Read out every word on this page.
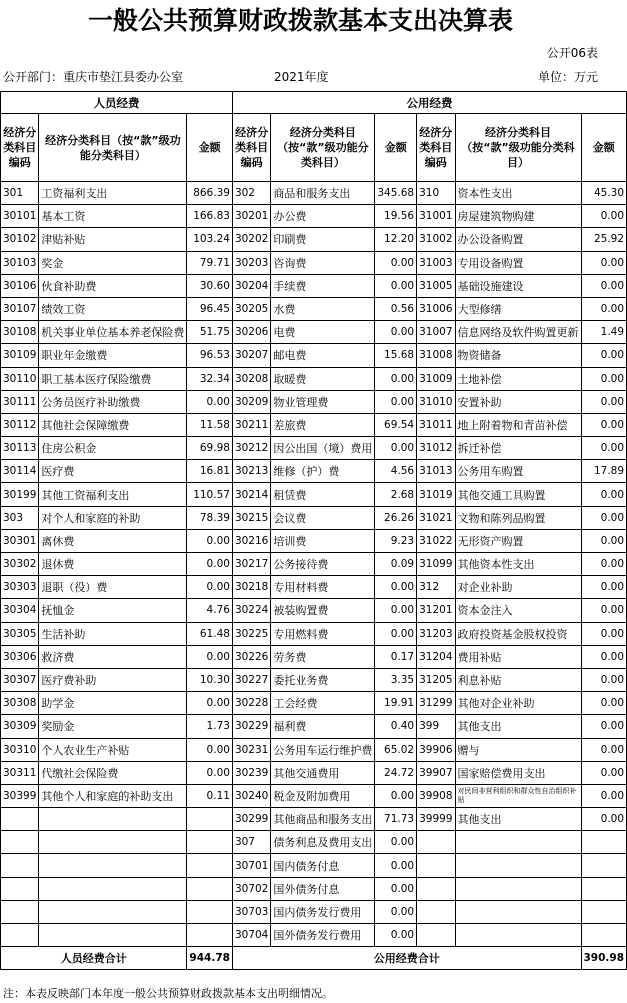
一般公共预算财政拨款基本支出决算表
公开06表
公开部门：重庆市垫江县委办公室	2021年度	单位：万元
人员经费			公用经费					
经济分类科目编码	经济分类科目（按“款”级功能分类科目）	金额	经济分类科目编码	经济分类科目（按“款”级功能分类科目）	金额	经济分类科目编码	经济分类科目（按“款”级功能分类科目）	金额
301	工资福利支出	866.39	302	商品和服务支出	345.68	310	资本性支出	45.30
30101	基本工资	166.83	30201	办公费	19.56	31001	房屋建筑物购建	0.00
30102	津贴补贴	103.24	30202	印刷费	12.20	31002	办公设备购置	25.92
30103	奖金	79.71	30203	咨询费	0.00	31003	专用设备购置	0.00
30106	伙食补助费	30.60	30204	手续费	0.00	31005	基础设施建设	0.00
30107	绩效工资	96.45	30205	水费	0.56	31006	大型修缮	0.00
30108	机关事业单位基本养老保险费	51.75	30206	电费	0.00	31007	信息网络及软件购置更新	1.49
30109	职业年金缴费	96.53	30207	邮电费	15.68	31008	物资储备	0.00
30110	职工基本医疗保险缴费	32.34	30208	取暖费	0.00	31009	土地补偿	0.00
30111	公务员医疗补助缴费	0.00	30209	物业管理费	0.00	31010	安置补助	0.00
30112	其他社会保障缴费	11.58	30211	差旅费	69.54	31011	地上附着物和青苗补偿	0.00
30113	住房公积金	69.98	30212	因公出国（境）费用	0.00	31012	拆迁补偿	0.00
30114	医疗费	16.81	30213	维修（护）费	4.56	31013	公务用车购置	17.89
30199	其他工资福利支出	110.57	30214	租赁费	2.68	31019	其他交通工具购置	0.00
303	对个人和家庭的补助	78.39	30215	会议费	26.26	31021	文物和陈列品购置	0.00
30301	离休费	0.00	30216	培训费	9.23	31022	无形资产购置	0.00
30302	退休费	0.00	30217	公务接待费	0.09	31099	其他资本性支出	0.00
30303	退职（役）费	0.00	30218	专用材料费	0.00	312	对企业补助	0.00
30304	抚恤金	4.76	30224	被装购置费	0.00	31201	资本金注入	0.00
30305	生活补助	61.48	30225	专用燃料费	0.00	31203	政府投资基金股权投资	0.00
30306	救济费	0.00	30226	劳务费	0.17	31204	费用补贴	0.00
30307	医疗费补助	10.30	30227	委托业务费	3.35	31205	利息补贴	0.00
30308	助学金	0.00	30228	工会经费	19.91	31299	其他对企业补助	0.00
30309	奖励金	1.73	30229	福利费	0.40	399	其他支出	0.00
30310	个人农业生产补贴	0.00	30231	公务用车运行维护费	65.02	39906	赠与	0.00
30311	代缴社会保险费	0.00	30239	其他交通费用	24.72	39907	国家赔偿费用支出	0.00
30399	其他个人和家庭的补助支出	0.11	30240	税金及附加费用	0.00	39908	对民间非营利组织和群众性自治组织补贴	0.00
			30299	其他商品和服务支出	71.73	39999	其他支出	0.00
			307	债务利息及费用支出	0.00			
			30701	国内债务付息	0.00			
			30702	国外债务付息	0.00			
			30703	国内债务发行费用	0.00			
			30704	国外债务发行费用	0.00			
人员经费合计		944.78	公用经费合计					390.98
注：本表反映部门本年度一般公共预算财政拨款基本支出明细情况。
